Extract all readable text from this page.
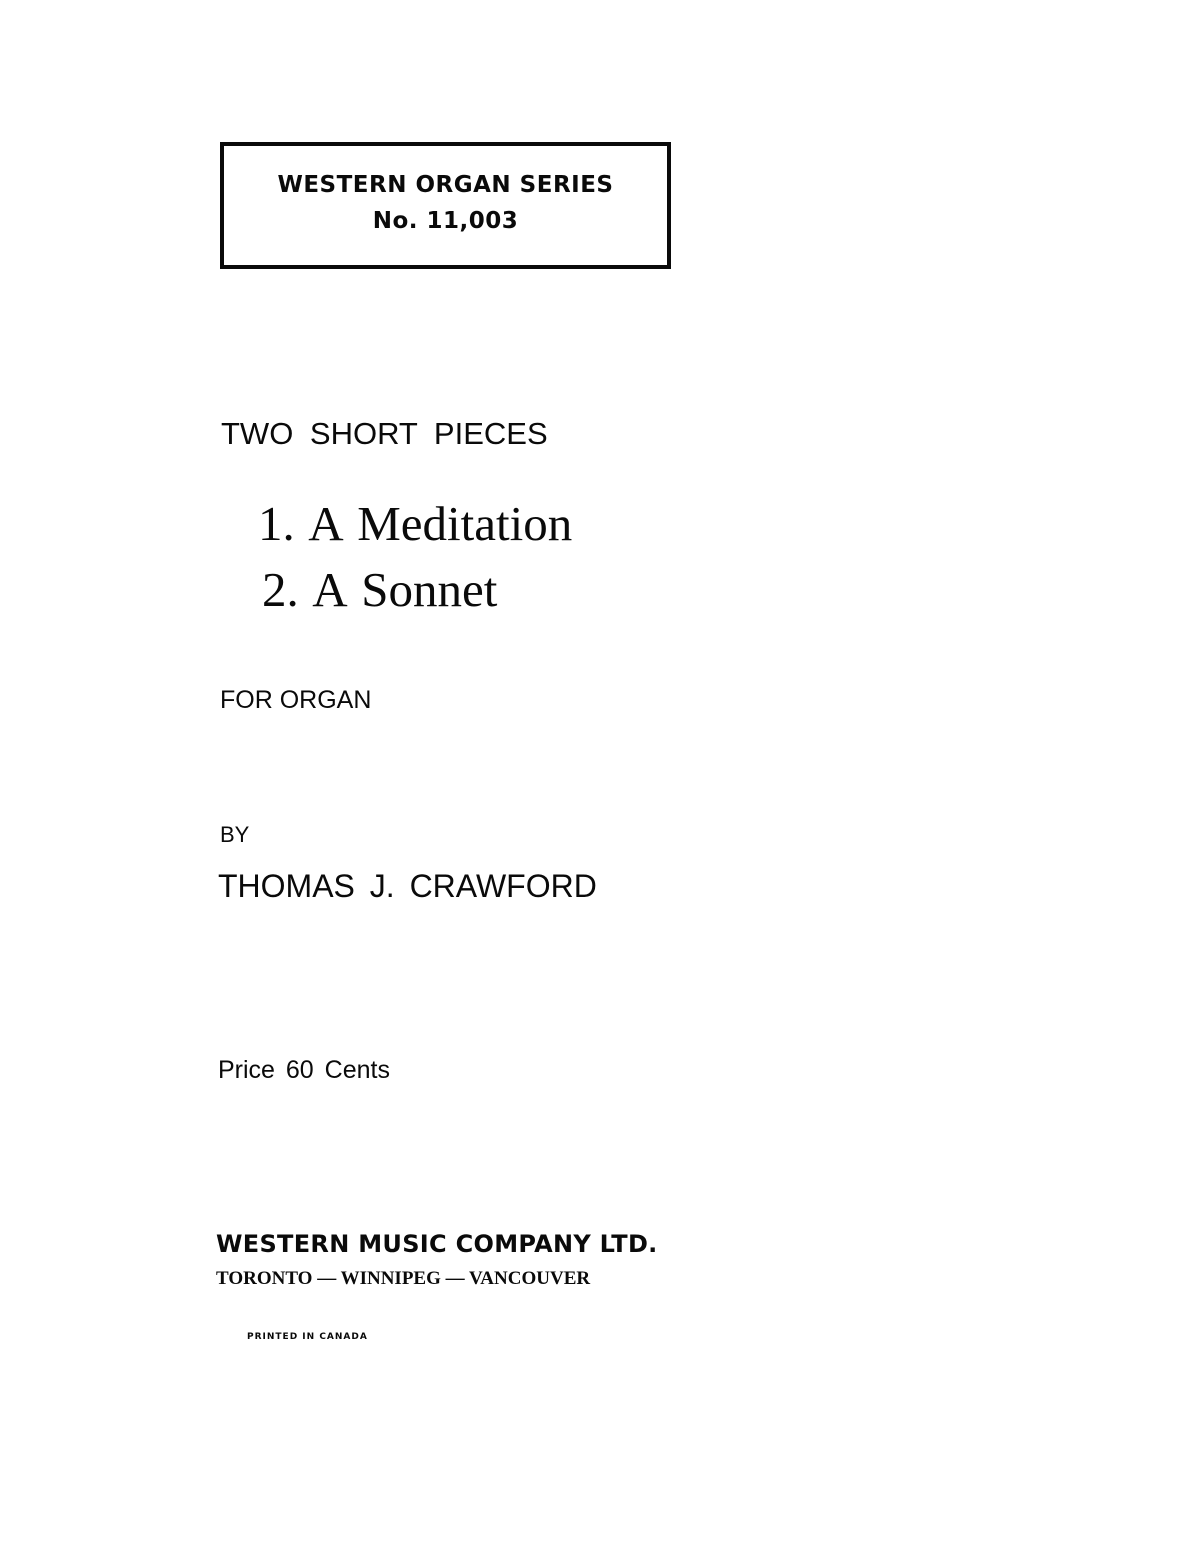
WESTERN ORGAN SERIES
No. 11,003
TWO SHORT PIECES
1. A Meditation
2. A Sonnet
FOR ORGAN
BY
THOMAS J. CRAWFORD
Price 60 Cents
WESTERN MUSIC COMPANY LTD.
TORONTO — WINNIPEG — VANCOUVER
PRINTED IN CANADA
